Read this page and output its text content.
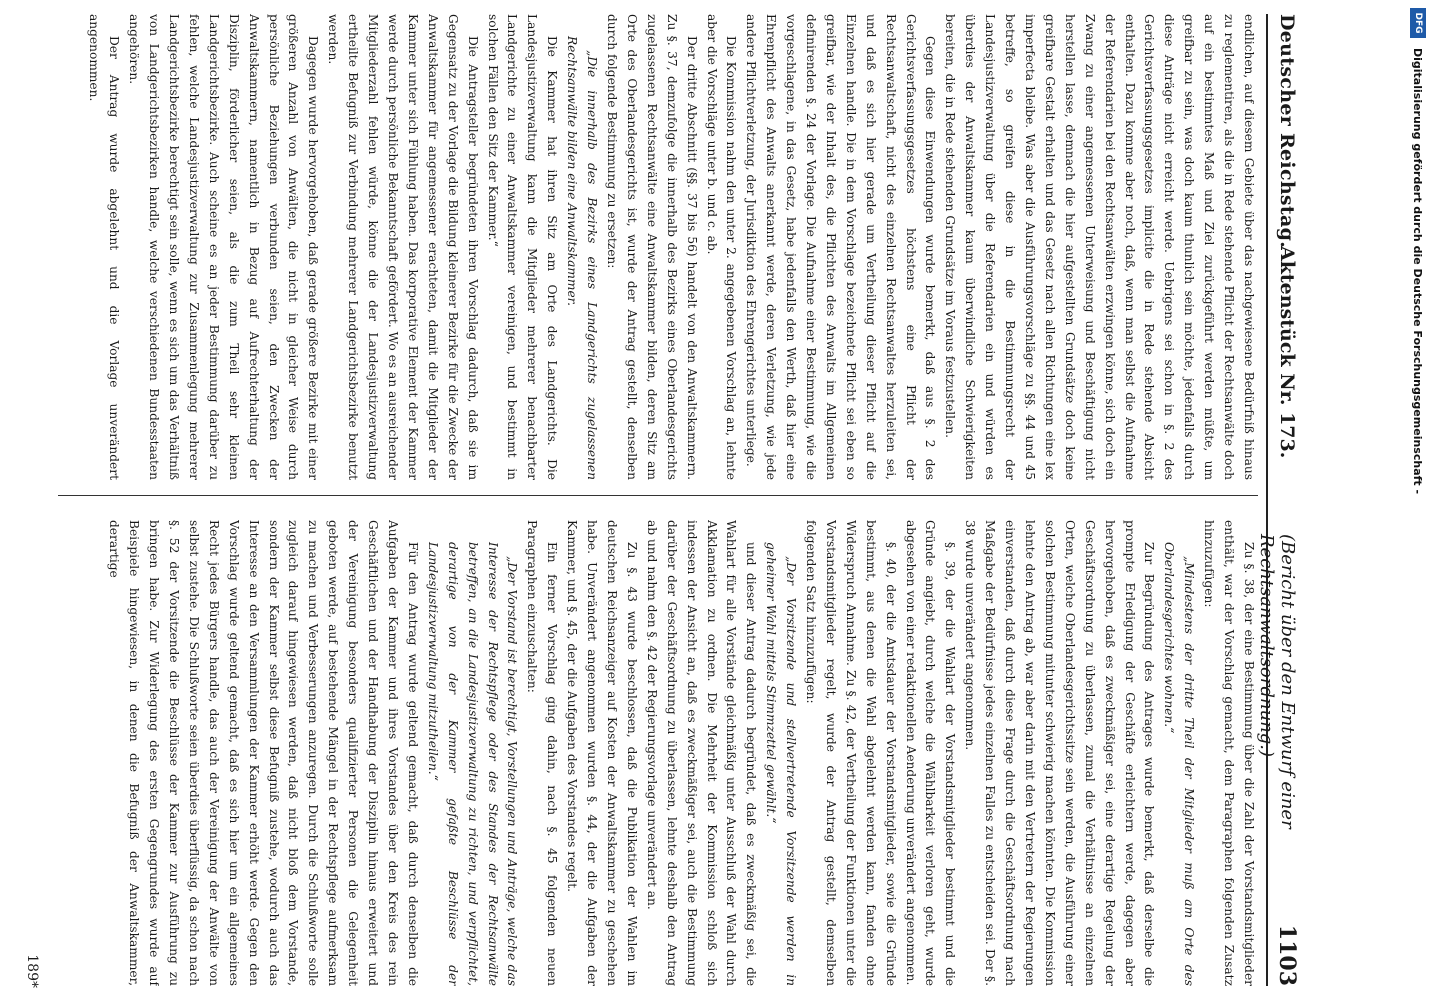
Deutscher Reichstag.
Aktenstück Nr. 173.
(Bericht über den Entwurf einer Rechtsanwaltsordnung.)
1103

endlichen, auf diesem Gebiete über das nachgewiesene Bedürfniß hinaus zu reglementiren, als die in Rede stehende Pflicht der Rechtsanwälte doch auf ein bestimmtes Maß und Ziel zurückgeführt werden müßte, um greifbar zu sein, was doch kaum thunlich sein möchte, jedenfalls durch diese Anträge nicht erreicht werde. Uebrigens sei schon in §. 2 des Gerichtsverfassungsgesetzes implicite die in Rede stehende Absicht enthalten. Dazu komme aber noch, daß, wenn man selbst die Aufnahme der Referendarien bei den Rechtsanwälten erzwingen könne, sich doch ein Zwang zu einer angemessenen Unterweisung und Beschäftigung nicht herstellen lasse, demnach die hier aufgestellten Grundsätze doch keine greifbare Gestalt erhalten und das Gesetz nach allen Richtungen eine lex imperfecta bleibe. Was aber die Ausführungsvorschläge zu §§. 44 und 45 betreffe, so greifen diese in die Bestimmungsrecht der Landesjustizverwaltung über die Referendarien ein und würden es überdies der Anwaltskammer kaum überwindliche Schwierigkeiten bereiten, die in Rede stehenden Grundsätze im Voraus festzustellen.

Gegen diese Einwendungen wurde bemerkt, daß aus §. 2 des Gerichtsverfassungsgesetzes höchstens eine Pflicht der Rechtsanwaltschaft, nicht des einzelnen Rechtsanwaltes herzuleiten sei, und daß es sich hier gerade um Vertheilung dieser Pflicht auf die Einzelnen handle. Die in dem Vorschlage bezeichnete Pflicht sei eben so greifbar, wie der Inhalt des, die Pflichten des Anwalts im Allgemeinen definirenden §. 24 der Vorlage. Die Aufnahme einer Bestimmung, wie die vorgeschlagene, in das Gesetz, habe jedenfalls den Werth, daß hier eine Ehrenpflicht des Anwalts anerkannt werde, deren Verletzung, wie jede andere Pflichtverletzung, der Jurisdiktion des Ehrengerichtes unterliege.

Die Kommission nahm den unter 2. angegebenen Vorschlag an, lehnte aber die Vorschläge unter b. und c. ab.

Der dritte Abschnitt (§§. 37 bis 56) handelt von den Anwaltskammern. Zu §. 37, demzufolge die innerhalb des Bezirks eines Oberlandesgerichts zugelassenen Rechtsanwälte eine Anwaltskammer bilden, deren Sitz am Orte des Oberlandesgerichts ist, wurde der Antrag gestellt, denselben durch folgende Bestimmung zu ersetzen:

„Die innerhalb des Bezirks eines Landgerichts zugelassenen Rechtsanwälte bilden eine Anwaltskammer.

Die Kammer hat ihren Sitz am Orte des Landgerichts. Die Landesjustizverwaltung kann die Mitglieder mehrerer benachbarter Landgerichte zu einer Anwaltskammer vereinigen, und bestimmt in solchen Fällen den Sitz der Kammer.“

Die Antragsteller begründeten ihren Vorschlag dadurch, daß sie im Gegensatz zu der Vorlage die Bildung kleinerer Bezirke für die Zwecke der Anwaltskammer für angemessener erachteten, damit die Mitglieder der Kammer unter sich Fühlung haben. Das korporative Element der Kammer werde durch persönliche Bekanntschaft gefördert. Wo es an ausreichender Mitgliederzahl fehlen würde, könne die der Landesjustizverwaltung ertheilte Befugniß zur Verbindung mehrerer Landgerichtsbezirke benutzt werden.

Dagegen wurde hervorgehoben, daß gerade größere Bezirke mit einer größeren Anzahl von Anwälten, die nicht in gleicher Weise durch persönliche Beziehungen verbunden seien, den Zwecken der Anwaltskammern, namentlich in Bezug auf Aufrechterhaltung der Disziplin, förderlicher seien, als die zum Theil sehr kleinen Landgerichtsbezirke. Auch scheine es an jeder Bestimmung darüber zu fehlen, welche Landesjustizverwaltung zur Zusammenlegung mehrerer Landgerichtsbezirke berechtigt sein solle, wenn es sich um das Verhältniß von Landgerichtsbezirken handle, welche verschiedenen Bundesstaaten angehören.

Der Antrag wurde abgelehnt und die Vorlage unverändert angenommen.

Zu §. 38, der eine Bestimmung über die Zahl der Vorstandsmitglieder enthält, war der Vorschlag gemacht, dem Paragraphen folgenden Zusatz hinzuzufügen:

„Mindestens der dritte Theil der Mitglieder muß am Orte des Oberlandesgerichtes wohnen.“

Zur Begründung des Antrages wurde bemerkt, daß derselbe die prompte Erledigung der Geschäfte erleichtern werde, dagegen aber hervorgehoben, daß es zweckmäßiger sei, eine derartige Regelung der Geschäftsordnung zu überlassen, zumal die Verhältnisse an einzelnen Orten, welche Oberlandesgerichtssitze sein werden, die Ausführung einer solchen Bestimmung mitunter schwierig machen könnten. Die Kommission lehnte den Antrag ab, war aber darin mit den Vertretern der Regierungen einverstanden, daß durch diese Frage durch die Geschäftsordnung nach Maßgabe der Bedürfnisse jedes einzelnen Falles zu entscheiden sei. Der §. 38 wurde unverändert angenommen.

§. 39, der die Wahlart der Vorstandsmitglieder bestimmt und die Gründe angiebt, durch welche die Wählbarkeit verloren geht, wurde abgesehen von einer redaktionellen Aenderung unverändert angenommen.

§. 40, der die Amtsdauer der Vorstandsmitglieder, sowie die Gründe bestimmt, aus denen die Wahl abgelehnt werden kann, fanden ohne Widerspruch Annahme. Zu §. 42, der Vertheilung der Funktionen unter die Vorstandsmitglieder regelt, wurde der Antrag gestellt, demselben folgenden Satz hinzuzufügen:

„Der Vorsitzende und stellvertretende Vorsitzende werden in geheimer Wahl mittels Stimmzettel gewählt.“

und dieser Antrag dadurch begründet, daß es zweckmäßig sei, die Wahlart für alle Vorstände gleichmäßig unter Ausschluß der Wahl durch Akklamation zu ordnen. Die Mehrheit der Kommission schloß sich indessen der Ansicht an, daß es zweckmäßiger sei, auch die Bestimmung darüber der Geschäftsordnung zu überlassen, lehnte deshalb den Antrag ab und nahm den §. 42 der Regierungsvorlage unverändert an.

Zu §. 43 wurde beschlossen, daß die Publikation der Wahlen im deutschen Reichsanzeiger auf Kosten der Anwaltskammer zu geschehen habe. Unverändert angenommen wurden §. 44, der die Aufgaben der Kammer, und §. 45, der die Aufgaben des Vorstandes regelt.

Ein ferner Vorschlag ging dahin, nach §. 45 folgenden neuen Paragraphen einzuschalten:

„Der Vorstand ist berechtigt, Vorstellungen und Anträge, welche das Interesse der Rechtspflege oder des Standes der Rechtsanwälte betreffen, an die Landesjustizverwaltung zu richten, und verpflichtet, derartige von der Kammer gefaßte Beschlüsse der Landesjustizverwaltung mitzutheilen.“

Für den Antrag wurde geltend gemacht, daß durch denselben die Aufgaben der Kammer und ihres Vorstandes über den Kreis des rein Geschäftlichen und der Handhabung der Disziplin hinaus erweitert und der Vereinigung besonders qualifizierter Personen die Gelegenheit geboten werde, auf bestehende Mängel in der Rechtspflege aufmerksam zu machen und Verbesserungen anzuregen. Durch die Schlußworte solle zugleich darauf hingewiesen werden, daß nicht bloß dem Vorstande, sondern der Kammer selbst diese Befugniß zustehe, wodurch auch das Interesse an den Versammlungen der Kammer erhöht werde. Gegen den Vorschlag wurde geltend gemacht, daß es sich hier um ein allgemeines Recht jedes Bürgers handle, das auch der Vereinigung der Anwälte von selbst zustehe. Die Schlußworte seien überdies überflüssig, da schon nach §. 52 der Vorsitzende die Beschlüsse der Kammer zur Ausführung zu bringen habe. Zur Widerlegung des ersten Gegengrundes wurde auf Beispiele hingewiesen, in denen die Befugniß der Anwaltskammer, derartige

189*
DFG
Digitalisierung gefördert durch die Deutsche Forschungsgemeinschaft -
